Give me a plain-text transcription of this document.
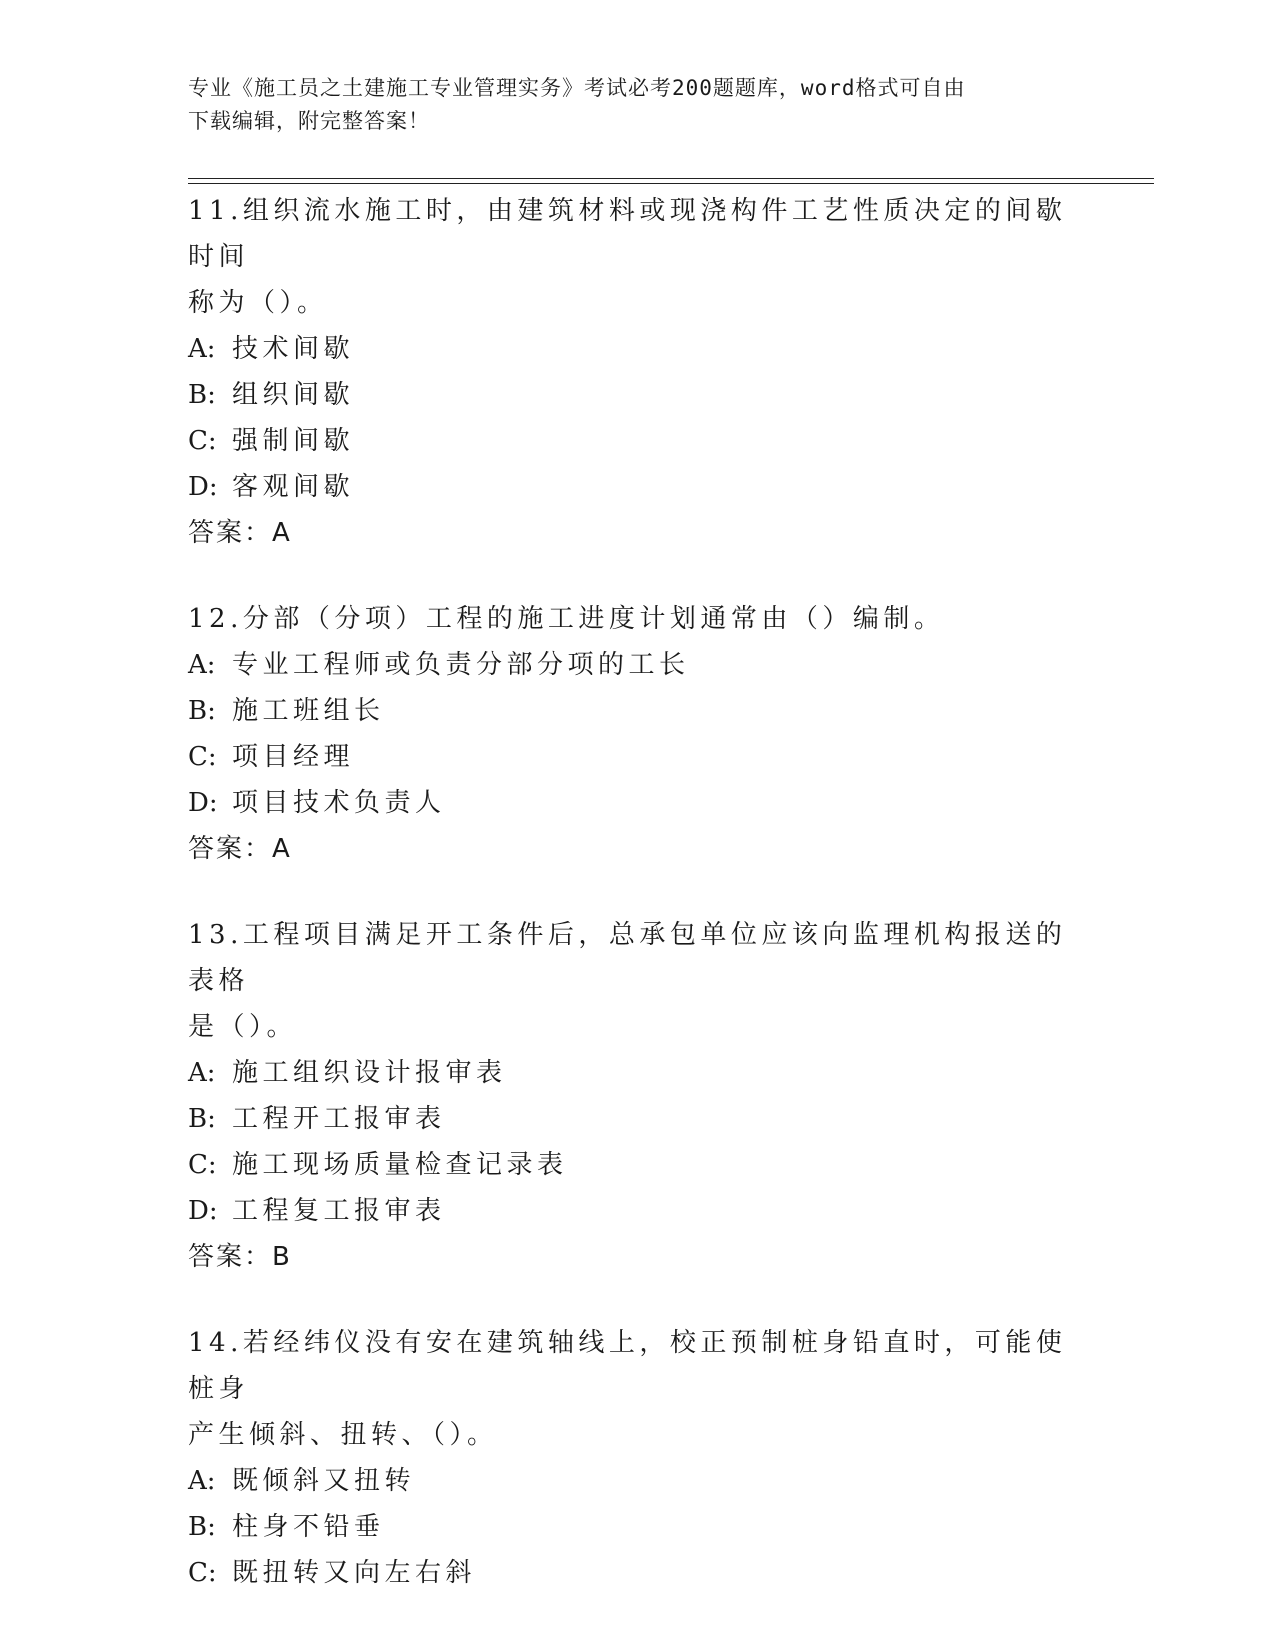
专业《施工员之土建施工专业管理实务》考试必考200题题库，word格式可自由
下载编辑，附完整答案！
11.组织流水施工时，由建筑材料或现浇构件工艺性质决定的间歇时间
称为（）。
A: 技术间歇
B: 组织间歇
C: 强制间歇
D: 客观间歇
答案：A
12.分部（分项）工程的施工进度计划通常由（）编制。
A: 专业工程师或负责分部分项的工长
B: 施工班组长
C: 项目经理
D: 项目技术负责人
答案：A
13.工程项目满足开工条件后，总承包单位应该向监理机构报送的表格
是（）。
A: 施工组织设计报审表
B: 工程开工报审表
C: 施工现场质量检查记录表
D: 工程复工报审表
答案：B
14.若经纬仪没有安在建筑轴线上，校正预制桩身铅直时，可能使桩身
产生倾斜、扭转、（）。
A: 既倾斜又扭转
B: 柱身不铅垂
C: 既扭转又向左右斜
